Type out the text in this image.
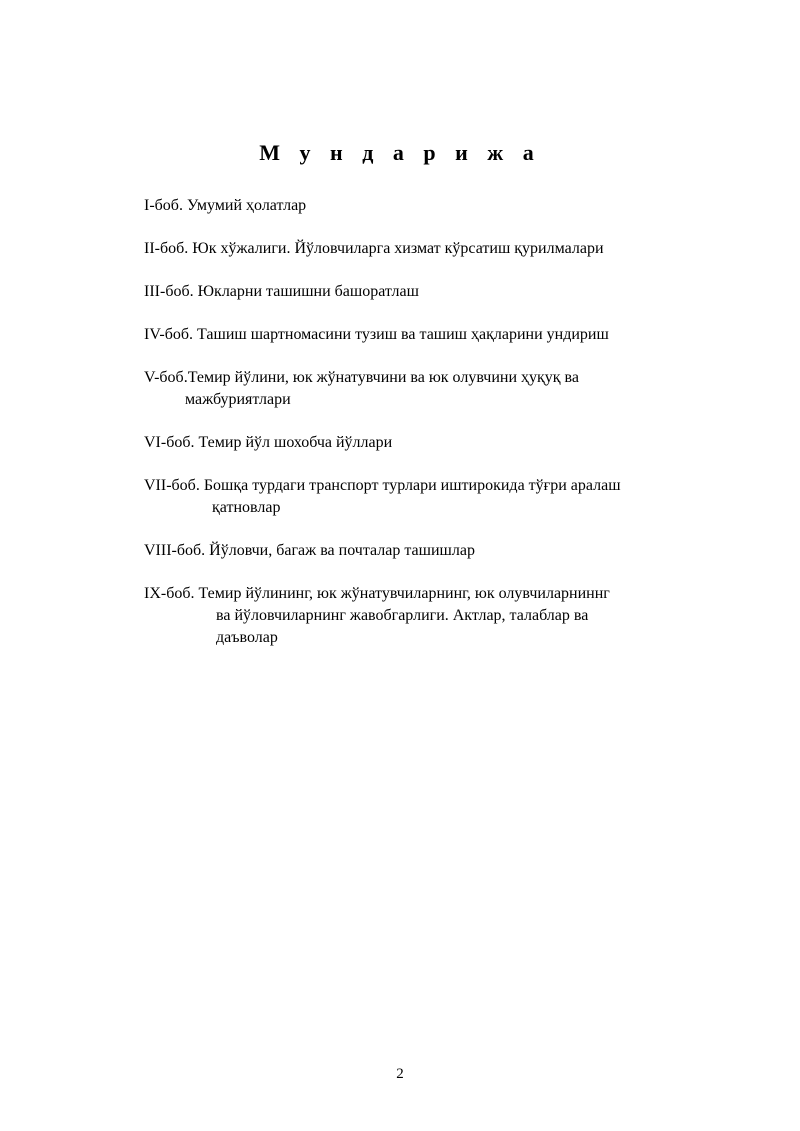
М у н д а р и ж а
I-боб. Умумий ҳолатлар
II-боб. Юк хўжалиги. Йўловчиларга хизмат кўрсатиш қурилмалари
III-боб. Юкларни ташишни башоратлаш
IV-боб. Ташиш шартномасини тузиш ва ташиш ҳақларини ундириш
V-боб.Темир йўлини, юк жўнатувчини ва юк олувчини ҳуқуқ ва
мажбуриятлари
VI-боб. Темир йўл шохобча йўллари
VII-боб. Бошқа турдаги транспорт турлари иштирокида тўғри аралаш
қатновлар
VIII-боб. Йўловчи, багаж ва почталар ташишлар
IX-боб. Темир йўлининг, юк жўнатувчиларнинг, юк олувчиларниннг
ва йўловчиларнинг жавобгарлиги. Актлар, талаблар ва
даъволар
2
